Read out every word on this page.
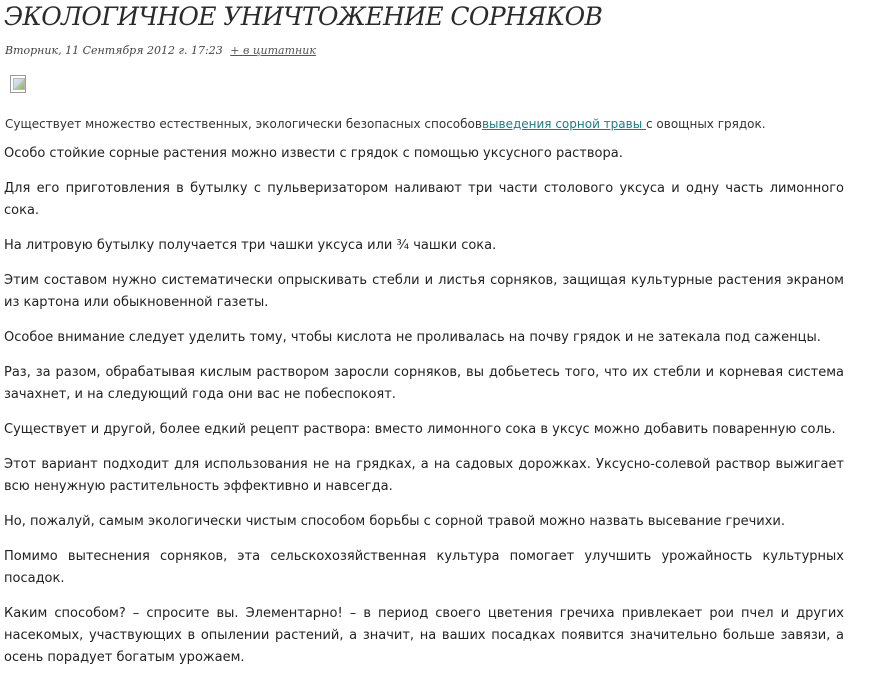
ЭКОЛОГИЧНОЕ УНИЧТОЖЕНИЕ СОРНЯКОВ
Вторник, 11 Сентября 2012 г. 17:23 + в цитатник

Существует множество естественных, экологически безопасных способоввыведения сорной травы с овощных грядок.

Особо стойкие сорные растения можно извести с грядок с помощью уксусного раствора.

Для его приготовления в бутылку с пульверизатором наливают три части столового уксуса и одну часть лимонного сока.

На литровую бутылку получается три чашки уксуса или ¾ чашки сока.

Этим составом нужно систематически опрыскивать стебли и листья сорняков, защищая культурные растения экраном из картона или обыкновенной газеты.

Особое внимание следует уделить тому, чтобы кислота не проливалась на почву грядок и не затекала под саженцы.

Раз, за разом, обрабатывая кислым раствором заросли сорняков, вы добьетесь того, что их стебли и корневая система зачахнет, и на следующий года они вас не побеспокоят.

Существует и другой, более едкий рецепт раствора: вместо лимонного сока в уксус можно добавить поваренную соль.

Этот вариант подходит для использования не на грядках, а на садовых дорожках. Уксусно-солевой раствор выжигает всю ненужную растительность эффективно и навсегда.

Но, пожалуй, самым экологически чистым способом борьбы с сорной травой можно назвать высевание гречихи.

Помимо вытеснения сорняков, эта сельскохозяйственная культура помогает улучшить урожайность культурных посадок.

Каким способом? – спросите вы. Элементарно! – в период своего цветения гречиха привлекает рои пчел и других насекомых, участвующих в опылении растений, а значит, на ваших посадках появится значительно больше завязи, а осень порадует богатым урожаем.
